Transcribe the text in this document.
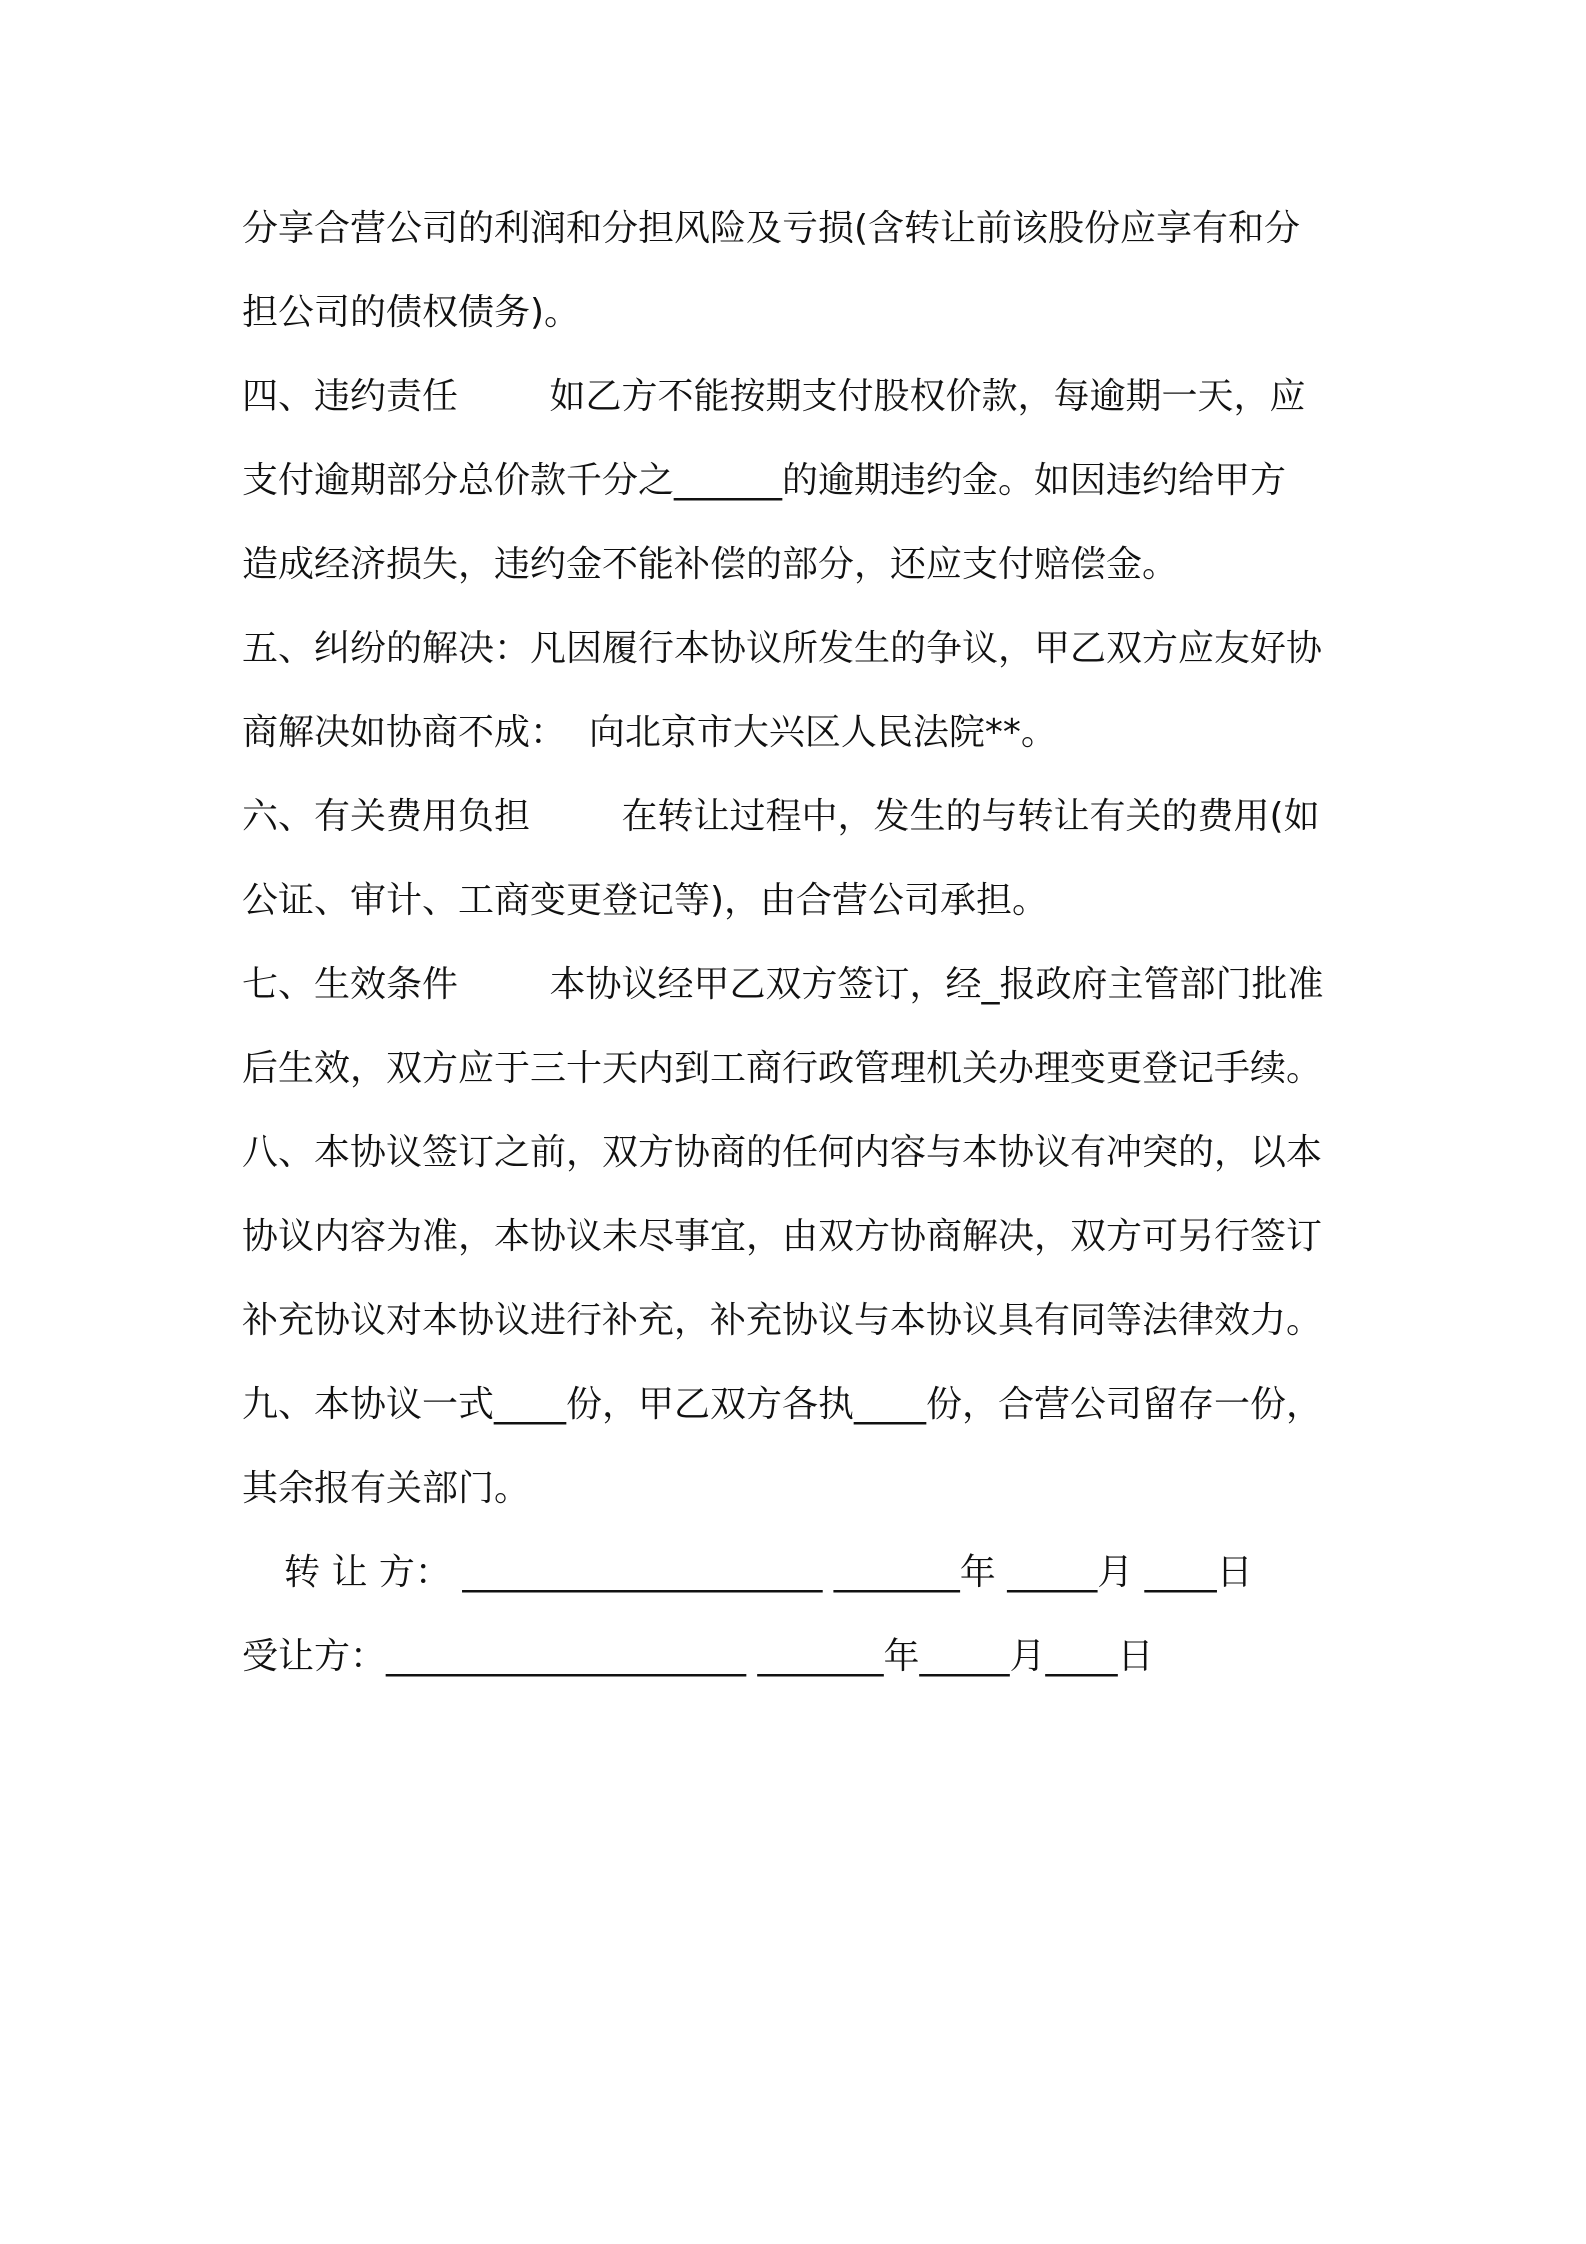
分享合营公司的利润和分担风险及亏损(含转让前该股份应享有和分

担公司的债权债务)。

四、违约责任        如乙方不能按期支付股权价款，每逾期一天，应

支付逾期部分总价款千分之______的逾期违约金。如因违约给甲方

造成经济损失，违约金不能补偿的部分，还应支付赔偿金。

五、纠纷的解决：凡因履行本协议所发生的争议，甲乙双方应友好协

商解决如协商不成：  向北京市大兴区人民法院**。

六、有关费用负担        在转让过程中，发生的与转让有关的费用(如

公证、审计、工商变更登记等)，由合营公司承担。

七、生效条件        本协议经甲乙双方签订，经_报政府主管部门批准

后生效，双方应于三十天内到工商行政管理机关办理变更登记手续。

八、本协议签订之前，双方协商的任何内容与本协议有冲突的，以本

协议内容为准，本协议未尽事宜，由双方协商解决，双方可另行签订

补充协议对本协议进行补充，补充协议与本协议具有同等法律效力。

九、本协议一式____份，甲乙双方各执____份，合营公司留存一份，

其余报有关部门。

转 让 方： ____________________ _______年 _____月 ____日

受让方：____________________ _______年_____月____日
